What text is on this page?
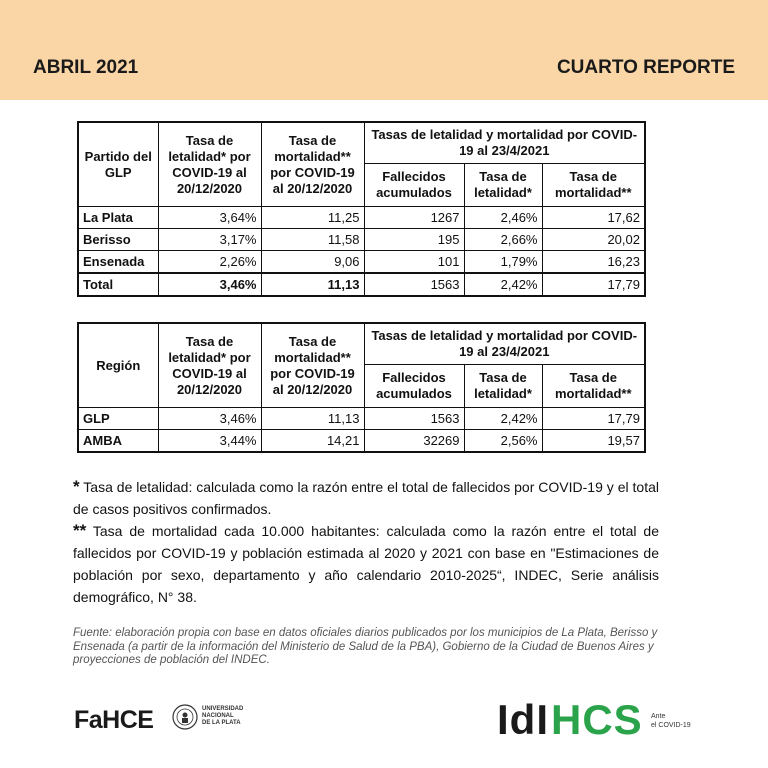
ABRIL 2021	CUARTO REPORTE
Partido del GLP	Tasa de letalidad* por COVID-19 al 20/12/2020	Tasa de mortalidad** por COVID-19 al 20/12/2020	Tasas de letalidad y mortalidad por COVID-19 al 23/4/2021		
			Fallecidos acumulados	Tasa de letalidad*	Tasa de mortalidad**
La Plata	3,64%	11,25	1267	2,46%	17,62
Berisso	3,17%	11,58	195	2,66%	20,02
Ensenada	2,26%	9,06	101	1,79%	16,23
Total	3,46%	11,13	1563	2,42%	17,79
Región	Tasa de letalidad* por COVID-19 al 20/12/2020	Tasa de mortalidad** por COVID-19 al 20/12/2020	Tasas de letalidad y mortalidad por COVID-19 al 23/4/2021		
			Fallecidos acumulados	Tasa de letalidad*	Tasa de mortalidad**
GLP	3,46%	11,13	1563	2,42%	17,79
AMBA	3,44%	14,21	32269	2,56%	19,57

* Tasa de letalidad: calculada como la razón entre el total de fallecidos por COVID-19 y el total de casos positivos confirmados.

** Tasa de mortalidad cada 10.000 habitantes: calculada como la razón entre el total de fallecidos por COVID-19 y población estimada al 2020 y 2021 con base en "Estimaciones de población por sexo, departamento y año calendario 2010-2025“, INDEC, Serie análisis demográfico, N° 38.

Fuente: elaboración propia con base en datos oficiales diarios publicados por los municipios de La Plata, Berisso y Ensenada (a partir de la información del Ministerio de Salud de la PBA), Gobierno de la Ciudad de Buenos Aires y proyecciones de población del INDEC.
FaHCE	UNIVERSIDAD
NACIONAL
DE LA PLATA	IdI HCS Ante
el COVID-19
